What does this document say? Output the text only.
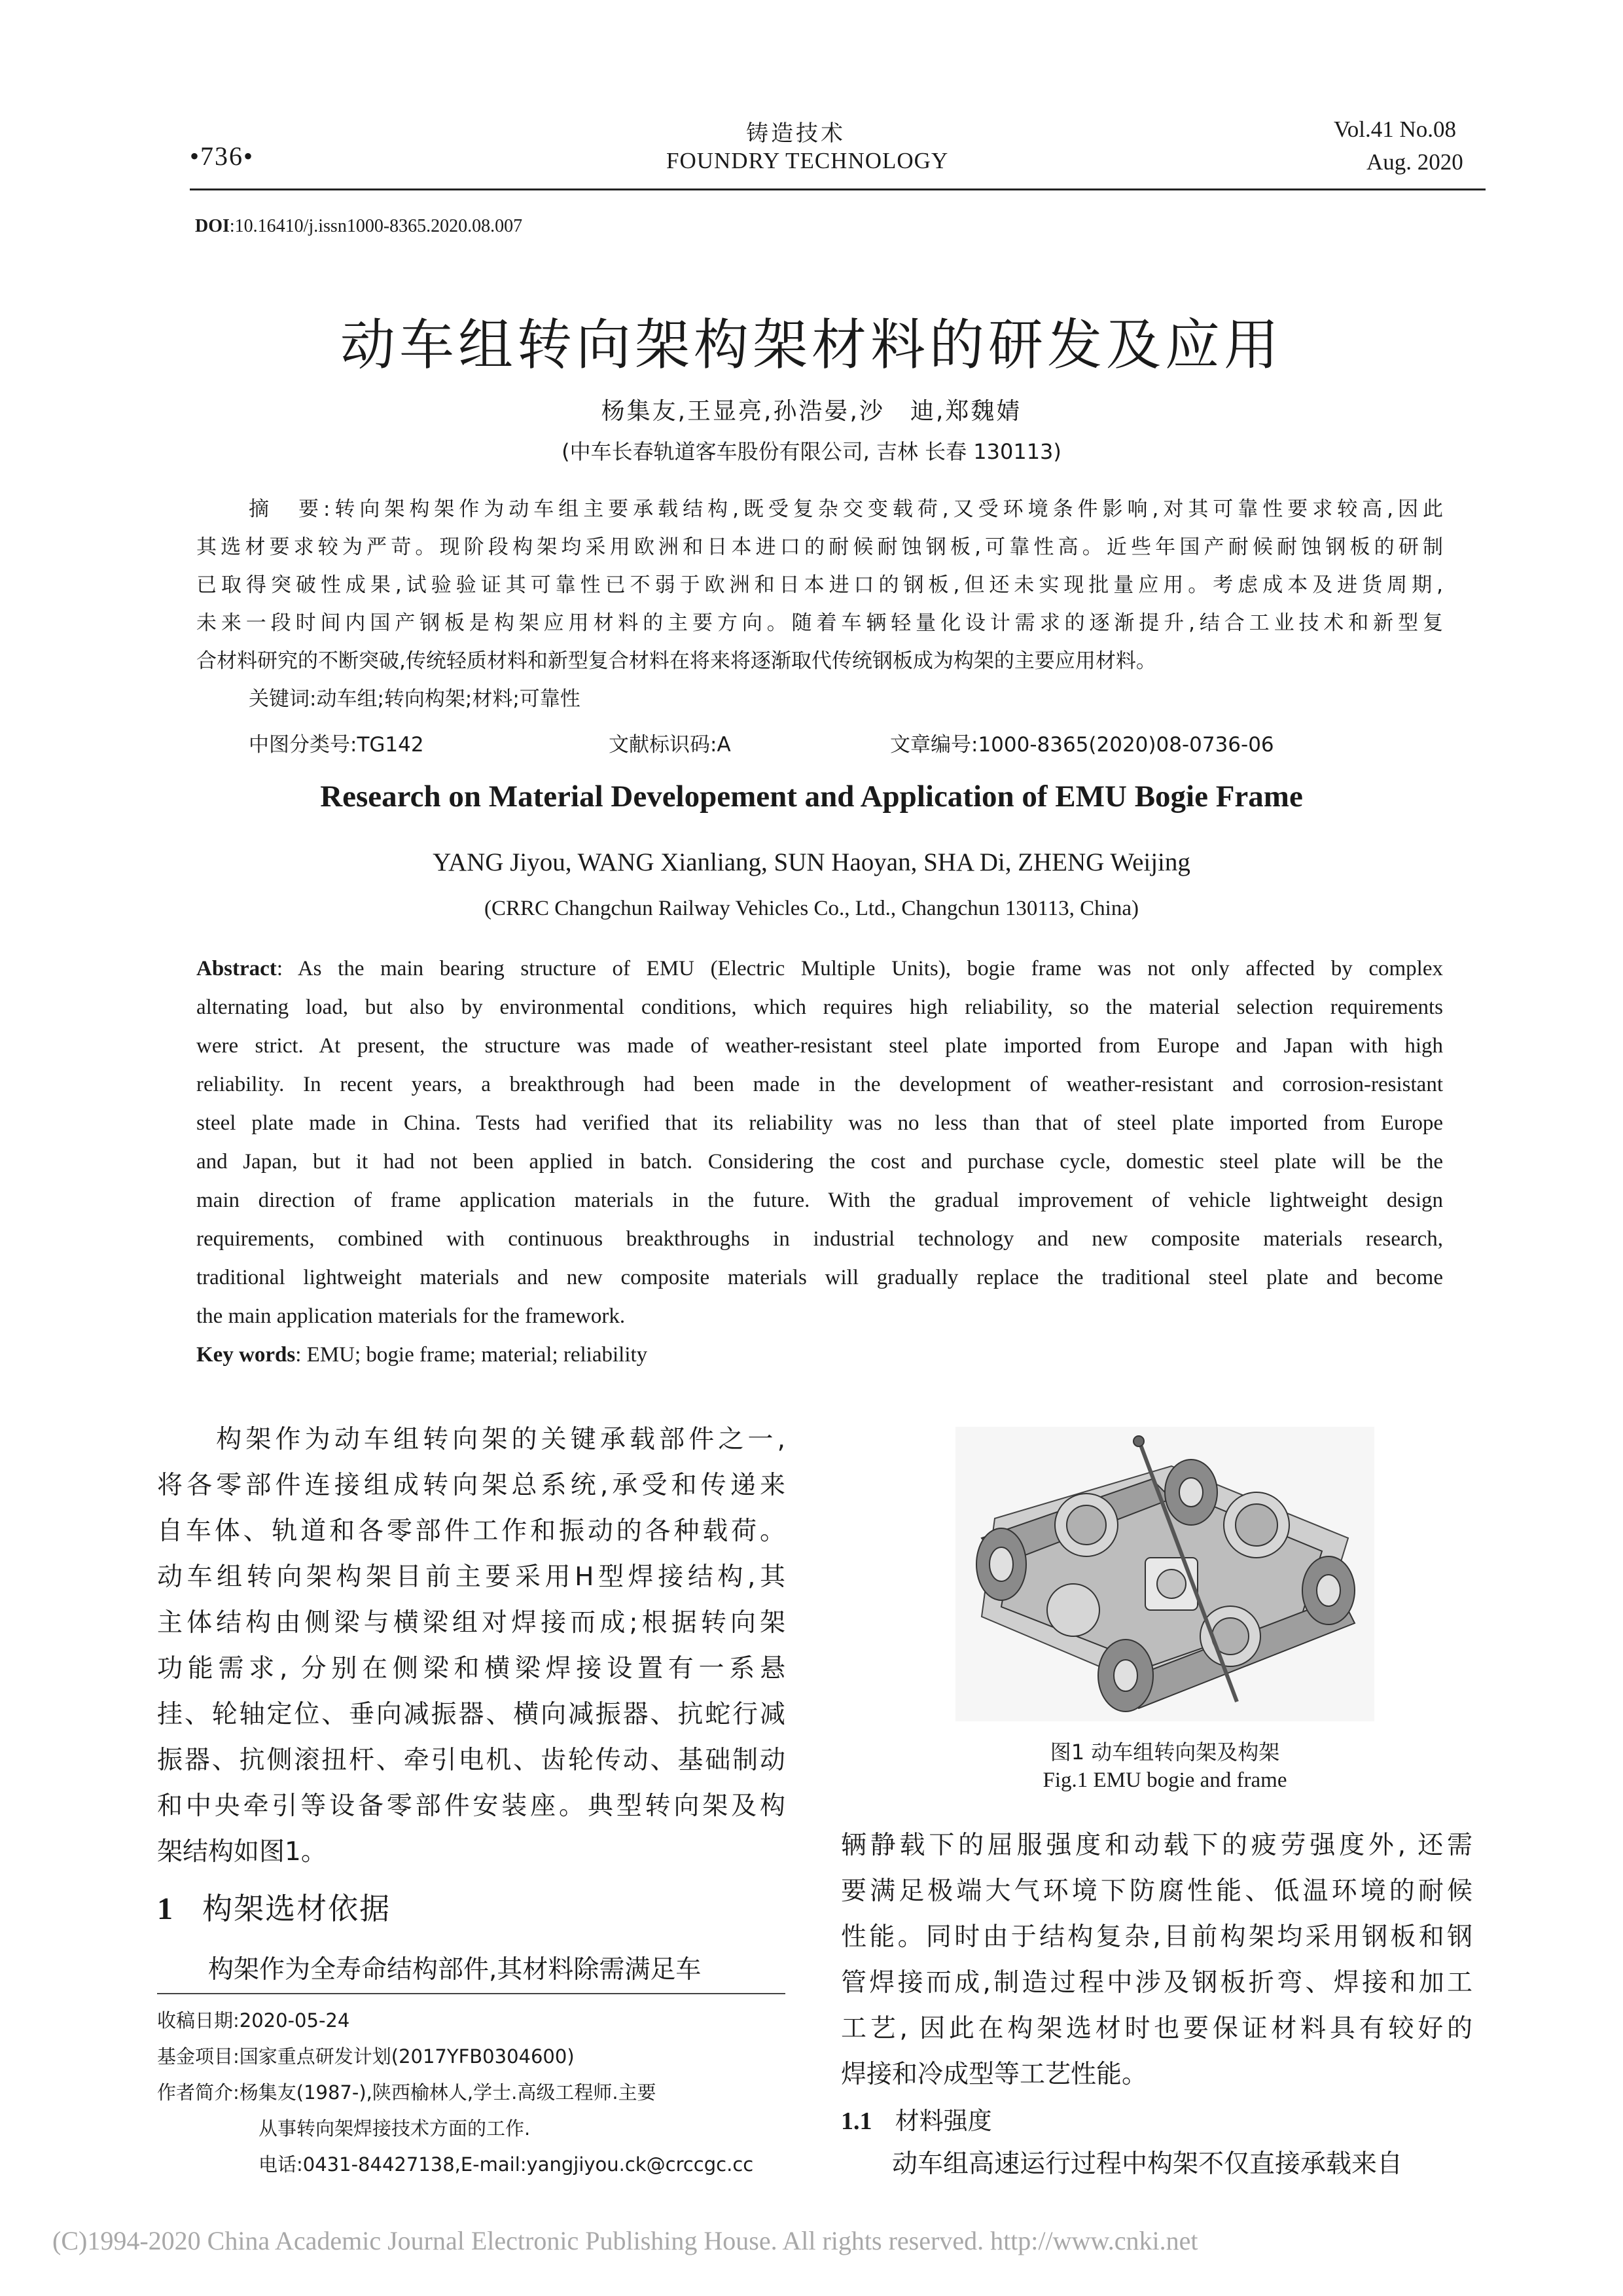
•736•
铸造技术
FOUNDRY TECHNOLOGY
Vol.41 No.08
Aug. 2020
DOI:10.16410/j.issn1000-8365.2020.08.007
动车组转向架构架材料的研发及应用
杨集友,王显亮,孙浩晏,沙　迪,郑魏婧
(中车长春轨道客车股份有限公司, 吉林 长春 130113)
摘　要:转向架构架作为动车组主要承载结构,既受复杂交变载荷,又受环境条件影响,对其可靠性要求较高,因此
其选材要求较为严苛。现阶段构架均采用欧洲和日本进口的耐候耐蚀钢板,可靠性高。近些年国产耐候耐蚀钢板的研制
已取得突破性成果,试验验证其可靠性已不弱于欧洲和日本进口的钢板,但还未实现批量应用。考虑成本及进货周期,
未来一段时间内国产钢板是构架应用材料的主要方向。随着车辆轻量化设计需求的逐渐提升,结合工业技术和新型复
合材料研究的不断突破,传统轻质材料和新型复合材料在将来将逐渐取代传统钢板成为构架的主要应用材料。
关键词:动车组;转向构架;材料;可靠性
中图分类号:TG142	文献标识码:A	文章编号:1000-8365(2020)08-0736-06
Research on Material Developement and Application of EMU Bogie Frame
YANG Jiyou, WANG Xianliang, SUN Haoyan, SHA Di, ZHENG Weijing
(CRRC Changchun Railway Vehicles Co., Ltd., Changchun 130113, China)
Abstract: As the main bearing structure of EMU (Electric Multiple Units), bogie frame was not only affected by complex
alternating load, but also by environmental conditions, which requires high reliability, so the material selection requirements
were strict. At present, the structure was made of weather-resistant steel plate imported from Europe and Japan with high
reliability. In recent years, a breakthrough had been made in the development of weather-resistant and corrosion-resistant
steel plate made in China. Tests had verified that its reliability was no less than that of steel plate imported from Europe
and Japan, but it had not been applied in batch. Considering the cost and purchase cycle, domestic steel plate will be the
main direction of frame application materials in the future. With the gradual improvement of vehicle lightweight design
requirements, combined with continuous breakthroughs in industrial technology and new composite materials research,
traditional lightweight materials and new composite materials will gradually replace the traditional steel plate and become
the main application materials for the framework.
Key words: EMU; bogie frame; material; reliability
　　构架作为动车组转向架的关键承载部件之一,
将各零部件连接组成转向架总系统,承受和传递来
自车体、轨道和各零部件工作和振动的各种载荷。
动车组转向架构架目前主要采用H型焊接结构,其
主体结构由侧梁与横梁组对焊接而成;根据转向架
功能需求, 分别在侧梁和横梁焊接设置有一系悬
挂、轮轴定位、垂向减振器、横向减振器、抗蛇行减
振器、抗侧滚扭杆、牵引电机、齿轮传动、基础制动
和中央牵引等设备零部件安装座。典型转向架及构
架结构如图1。
1 构架选材依据
　　构架作为全寿命结构部件,其材料除需满足车
收稿日期:2020-05-24
基金项目:国家重点研发计划(2017YFB0304600)
作者简介:杨集友(1987-),陕西榆林人,学士.高级工程师.主要
从事转向架焊接技术方面的工作.
电话:0431-84427138,E-mail:yangjiyou.ck@crccgc.cc
图1 动车组转向架及构架
Fig.1 EMU bogie and frame
辆静载下的屈服强度和动载下的疲劳强度外, 还需
要满足极端大气环境下防腐性能、低温环境的耐候
性能。同时由于结构复杂,目前构架均采用钢板和钢
管焊接而成,制造过程中涉及钢板折弯、焊接和加工
工艺, 因此在构架选材时也要保证材料具有较好的
焊接和冷成型等工艺性能。
1.1 材料强度
　　动车组高速运行过程中构架不仅直接承载来自
(C)1994-2020 China Academic Journal Electronic Publishing House. All rights reserved. http://www.cnki.net
